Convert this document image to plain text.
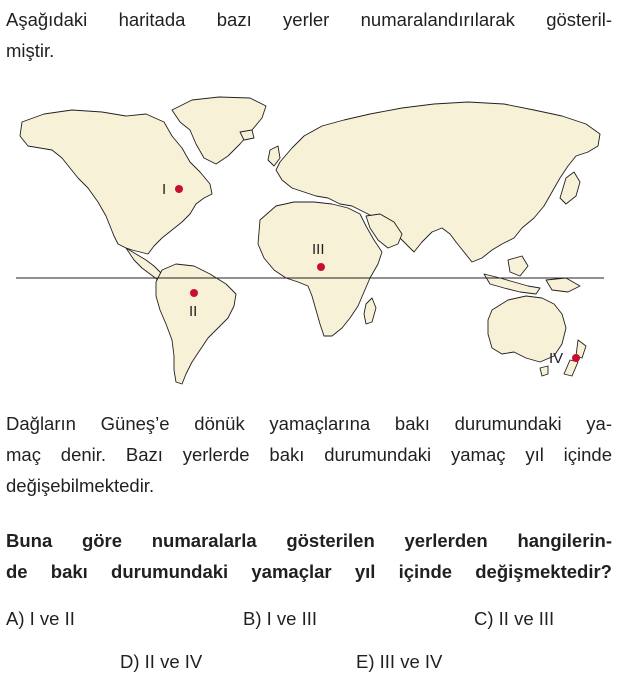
Aşağıdaki haritada bazı yerler numaralandırılarak gösteril-
miştir.
I
II
III
IV
Dağların Güneş’e dönük yamaçlarına bakı durumundaki ya-
maç denir. Bazı yerlerde bakı durumundaki yamaç yıl içinde
değişebilmektedir.
Buna göre numaralarla gösterilen yerlerden hangilerin-
de bakı durumundaki yamaçlar yıl içinde değişmektedir?
A) I ve II	B) I ve III	C) II ve III
D) II ve IV	E) III ve IV
